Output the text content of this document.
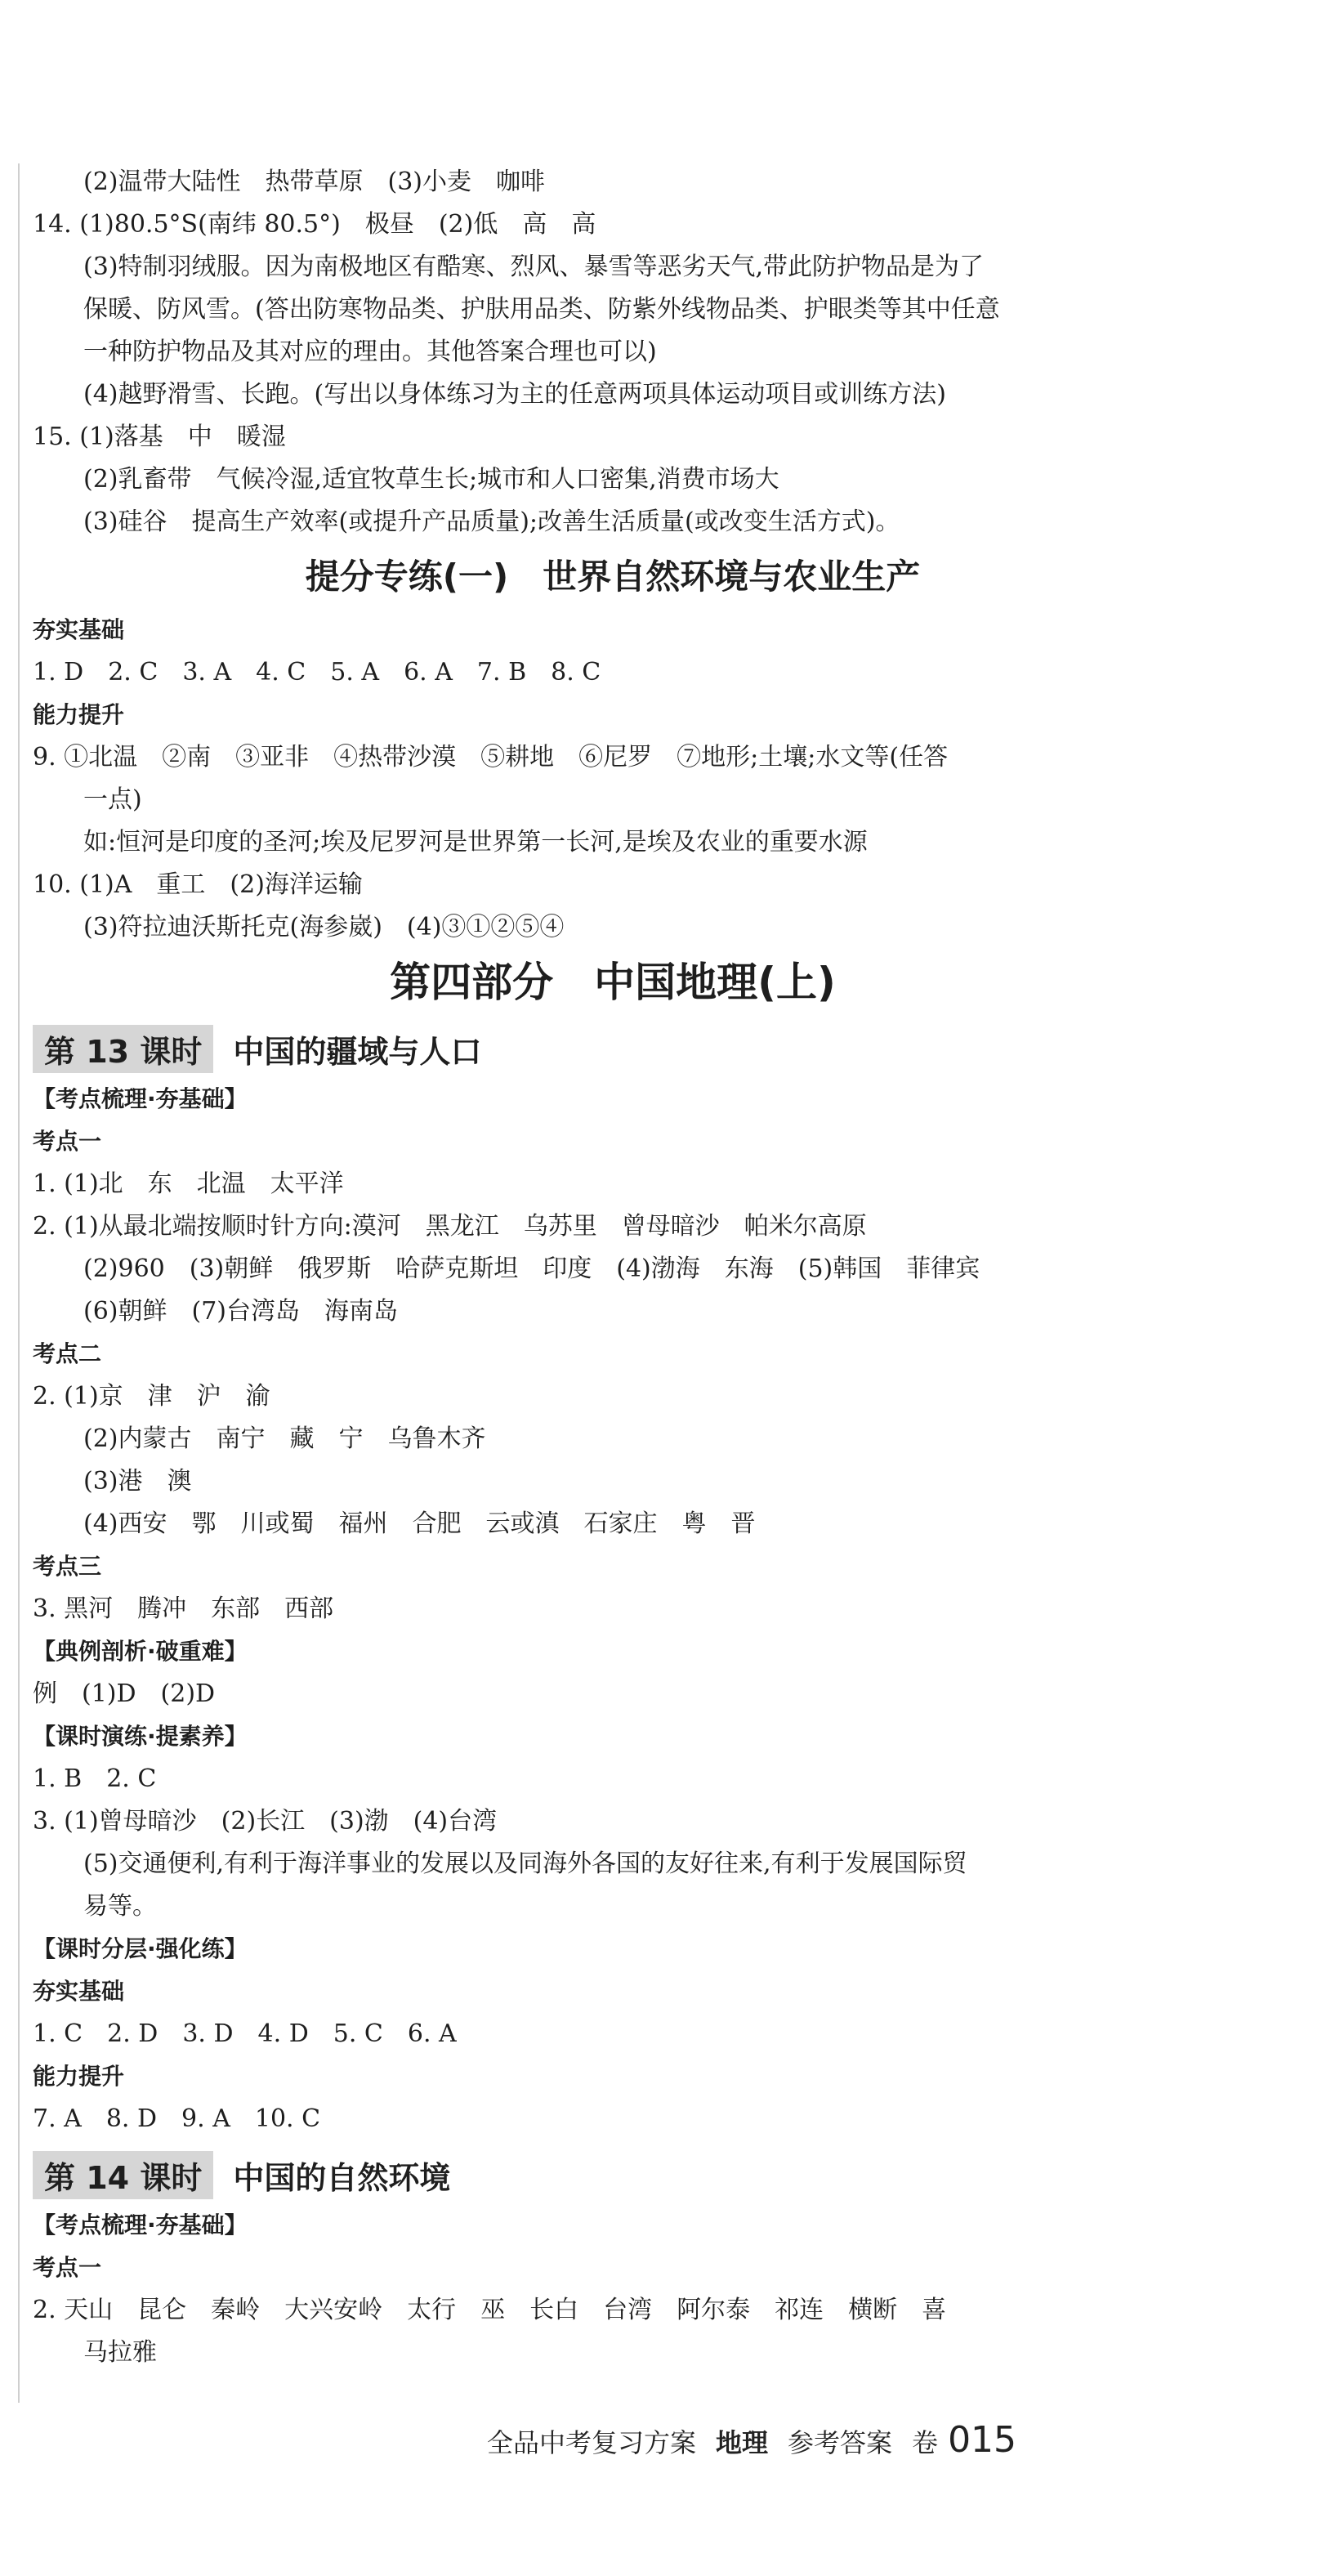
(2)温带大陆性　热带草原　(3)小麦　咖啡
14. (1)80.5°S(南纬 80.5°)　极昼　(2)低　高　高
(3)特制羽绒服。因为南极地区有酷寒、烈风、暴雪等恶劣天气,带此防护物品是为了
保暖、防风雪。(答出防寒物品类、护肤用品类、防紫外线物品类、护眼类等其中任意
一种防护物品及其对应的理由。其他答案合理也可以)
(4)越野滑雪、长跑。(写出以身体练习为主的任意两项具体运动项目或训练方法)
15. (1)落基　中　暖湿
(2)乳畜带　气候冷湿,适宜牧草生长;城市和人口密集,消费市场大
(3)硅谷　提高生产效率(或提升产品质量);改善生活质量(或改变生活方式)。
提分专练(一)　世界自然环境与农业生产
夯实基础
1. D　2. C　3. A　4. C　5. A　6. A　7. B　8. C
能力提升
9. ①北温　②南　③亚非　④热带沙漠　⑤耕地　⑥尼罗　⑦地形;土壤;水文等(任答
一点)
如:恒河是印度的圣河;埃及尼罗河是世界第一长河,是埃及农业的重要水源
10. (1)A　重工　(2)海洋运输
(3)符拉迪沃斯托克(海参崴)　(4)③①②⑤④
第四部分　中国地理(上)
第 13 课时	中国的疆域与人口
【考点梳理·夯基础】
考点一
1. (1)北　东　北温　太平洋
2. (1)从最北端按顺时针方向:漠河　黑龙江　乌苏里　曾母暗沙　帕米尔高原
(2)960　(3)朝鲜　俄罗斯　哈萨克斯坦　印度　(4)渤海　东海　(5)韩国　菲律宾
(6)朝鲜　(7)台湾岛　海南岛
考点二
2. (1)京　津　沪　渝
(2)内蒙古　南宁　藏　宁　乌鲁木齐
(3)港　澳
(4)西安　鄂　川或蜀　福州　合肥　云或滇　石家庄　粤　晋
考点三
3. 黑河　腾冲　东部　西部
【典例剖析·破重难】
例　(1)D　(2)D
【课时演练·提素养】
1. B　2. C
3. (1)曾母暗沙　(2)长江　(3)渤　(4)台湾
(5)交通便利,有利于海洋事业的发展以及同海外各国的友好往来,有利于发展国际贸
易等。
【课时分层·强化练】
夯实基础
1. C　2. D　3. D　4. D　5. C　6. A
能力提升
7. A　8. D　9. A　10. C
第 14 课时	中国的自然环境
【考点梳理·夯基础】
考点一
2. 天山　昆仑　秦岭　大兴安岭　太行　巫　长白　台湾　阿尔泰　祁连　横断　喜
马拉雅
全品中考复习方案 地理 参考答案 卷 015
